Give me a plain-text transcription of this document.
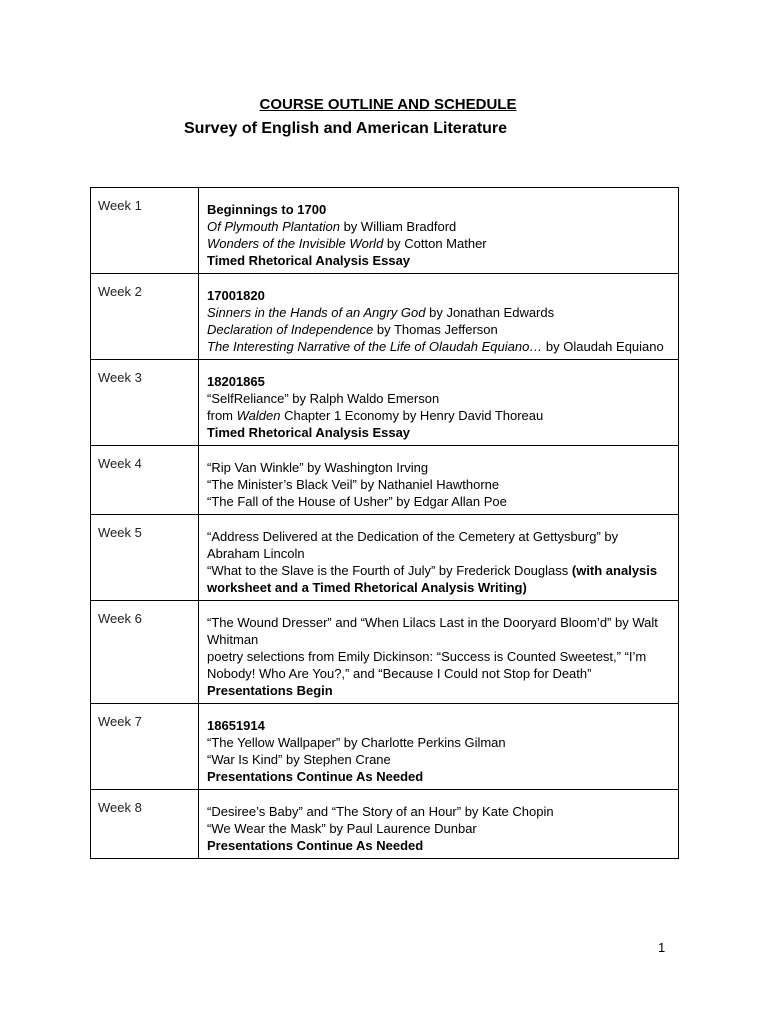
COURSE OUTLINE AND SCHEDULE
Survey of English and American Literature
Week 1	Beginnings to 1700
Of Plymouth Plantation by William Bradford
Wonders of the Invisible World by Cotton Mather
Timed Rhetorical Analysis Essay

Week 2	17001820
Sinners in the Hands of an Angry God by Jonathan Edwards
Declaration of Independence by Thomas Jefferson
The Interesting Narrative of the Life of Olaudah Equiano… by Olaudah Equiano

Week 3	18201865
“SelfReliance” by Ralph Waldo Emerson
from Walden Chapter 1 Economy by Henry David Thoreau
Timed Rhetorical Analysis Essay

Week 4	“Rip Van Winkle” by Washington Irving
“The Minister’s Black Veil” by Nathaniel Hawthorne
“The Fall of the House of Usher” by Edgar Allan Poe

Week 5	“Address Delivered at the Dedication of the Cemetery at Gettysburg” by Abraham Lincoln
“What to the Slave is the Fourth of July” by Frederick Douglass (with analysis worksheet and a Timed Rhetorical Analysis Writing)

Week 6	“The Wound Dresser” and “When Lilacs Last in the Dooryard Bloom’d” by Walt Whitman
poetry selections from Emily Dickinson: “Success is Counted Sweetest,” “I’m Nobody! Who Are You?,” and “Because I Could not Stop for Death”
Presentations Begin

Week 7	18651914
“The Yellow Wallpaper” by Charlotte Perkins Gilman
“War Is Kind” by Stephen Crane
Presentations Continue As Needed

Week 8	“Desiree’s Baby” and “The Story of an Hour” by Kate Chopin
“We Wear the Mask” by Paul Laurence Dunbar
Presentations Continue As Needed
1
